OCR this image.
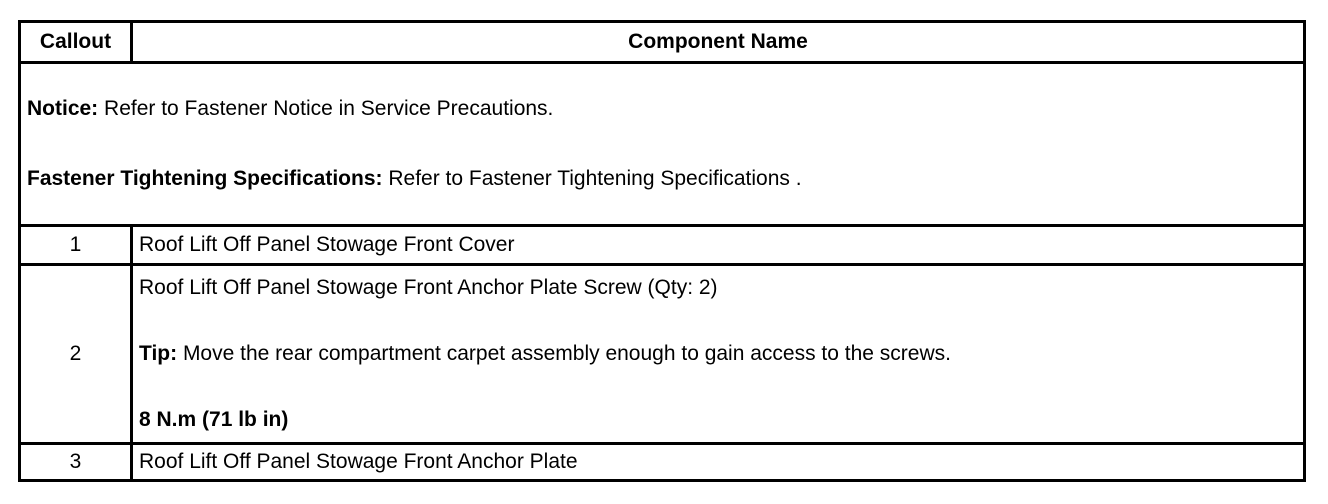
Callout	Component Name

Notice: Refer to Fastener Notice in Service Precautions.

Fastener Tightening Specifications: Refer to Fastener Tightening Specifications .	

1	Roof Lift Off Panel Stowage Front Cover
2	Roof Lift Off Panel Stowage Front Anchor Plate Screw (Qty: 2)

Tip: Move the rear compartment carpet assembly enough to gain access to the screws.

8 N.m (71 lb in)

3	Roof Lift Off Panel Stowage Front Anchor Plate
